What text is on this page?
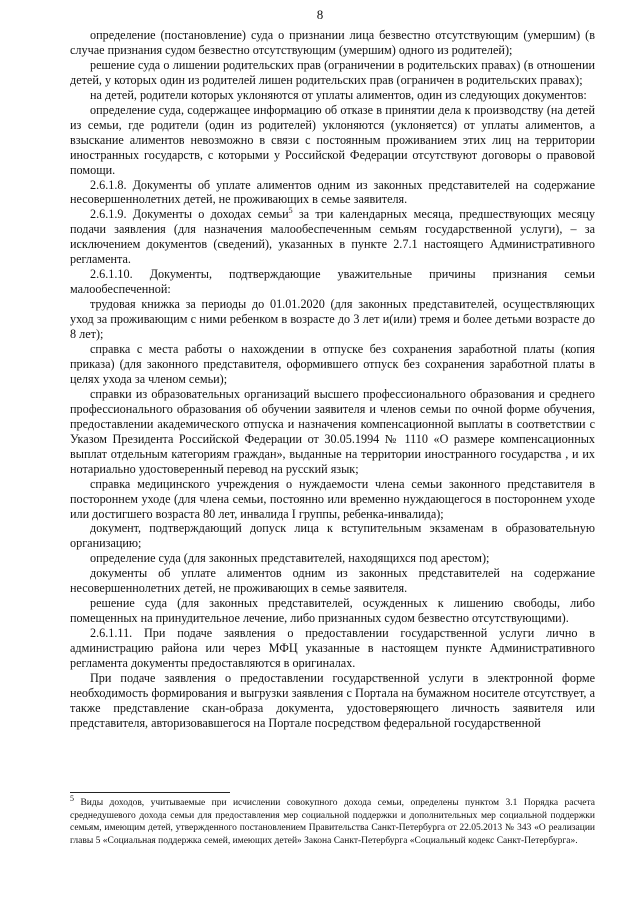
8

определение (постановление) суда о признании лица безвестно отсутствующим (умершим) (в случае признания судом безвестно отсутствующим (умершим) одного из родителей);

решение суда о лишении родительских прав (ограничении в родительских правах) (в отношении детей, у которых один из родителей лишен родительских прав (ограничен в родительских правах);

на детей, родители которых уклоняются от уплаты алиментов, один из следующих документов:

определение суда, содержащее информацию об отказе в принятии дела к производству (на детей из семьи, где родители (один из родителей) уклоняются (уклоняется) от уплаты алиментов, а взыскание алиментов невозможно в связи с постоянным проживанием этих лиц на территории иностранных государств, с которыми у Российской Федерации отсутствуют договоры о правовой помощи.

2.6.1.8. Документы об уплате алиментов одним из законных представителей на содержание несовершеннолетних детей, не проживающих в семье заявителя.

2.6.1.9. Документы о доходах семьи$^5$ за три календарных месяца, предшествующих месяцу подачи заявления (для назначения малообеспеченным семьям государственной услуги), – за исключением документов (сведений), указанных в пункте 2.7.1 настоящего Административного регламента.

2.6.1.10. Документы, подтверждающие уважительные причины признания семьи малообеспеченной:

трудовая книжка за периоды до 01.01.2020 (для законных представителей, осуществляющих уход за проживающим с ними ребенком в возрасте до 3 лет и(или) тремя и более детьми возрасте до 8 лет);

справка с места работы о нахождении в отпуске без сохранения заработной платы (копия приказа) (для законного представителя, оформившего отпуск без сохранения заработной платы в целях ухода за членом семьи);

справки из образовательных организаций высшего профессионального образования и среднего профессионального образования об обучении заявителя и членов семьи по очной форме обучения, предоставлении академического отпуска и назначения компенсационной выплаты в соответствии с Указом Президента Российской Федерации от 30.05.1994 № 1110 «О размере компенсационных выплат отдельным категориям граждан», выданные на территории иностранного государства , и их нотариально удостоверенный перевод на русский язык;

справка медицинского учреждения о нуждаемости члена семьи законного представителя в постороннем уходе (для члена семьи, постоянно или временно нуждающегося в постороннем уходе или достигшего возраста 80 лет, инвалида I группы, ребенка-инвалида);

документ, подтверждающий допуск лица к вступительным экзаменам в образовательную организацию;

определение суда (для законных представителей, находящихся под арестом);

документы об уплате алиментов одним из законных представителей на содержание несовершеннолетних детей, не проживающих в семье заявителя.

решение суда (для законных представителей, осужденных к лишению свободы, либо помещенных на принудительное лечение, либо признанных судом безвестно отсутствующими).

2.6.1.11. При подаче заявления о предоставлении государственной услуги лично в администрацию района или через МФЦ указанные в настоящем пункте Административного регламента документы предоставляются в оригиналах.

При подаче заявления о предоставлении государственной услуги в электронной форме необходимость формирования и выгрузки заявления с Портала на бумажном носителе отсутствует, а также представление скан-образа документа, удостоверяющего личность заявителя или представителя, авторизовавшегося на Портале посредством федеральной государственной

$^5$ Виды доходов, учитываемые при исчислении совокупного дохода семьи, определены пунктом 3.1 Порядка расчета среднедушевого дохода семьи для предоставления мер социальной поддержки и дополнительных мер социальной поддержки семьям, имеющим детей, утвержденного постановлением Правительства Санкт-Петербурга от 22.05.2013 № 343 «О реализации главы 5 «Социальная поддержка семей, имеющих детей» Закона Санкт-Петербурга «Социальный кодекс Санкт-Петербурга».
